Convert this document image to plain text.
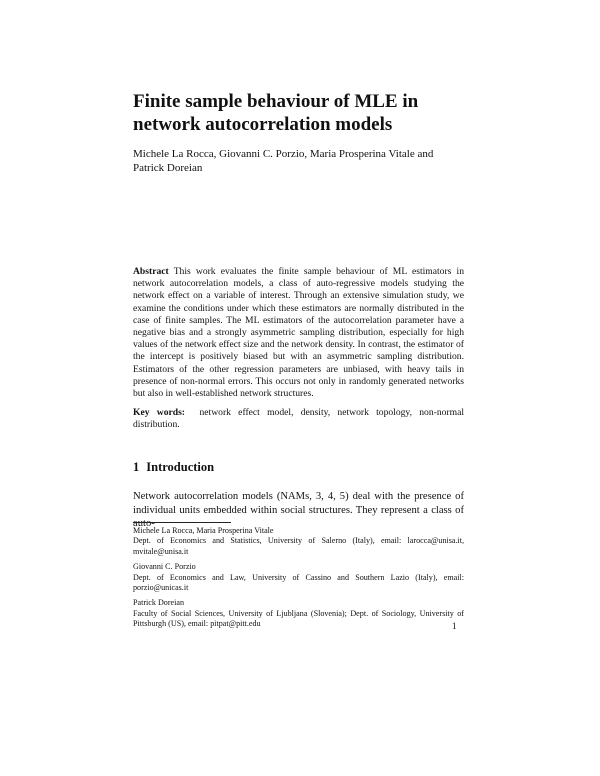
Finite sample behaviour of MLE in network autocorrelation models

Michele La Rocca, Giovanni C. Porzio, Maria Prosperina Vitale and Patrick Doreian

Abstract This work evaluates the finite sample behaviour of ML estimators in network autocorrelation models, a class of auto-regressive models studying the network effect on a variable of interest. Through an extensive simulation study, we examine the conditions under which these estimators are normally distributed in the case of finite samples. The ML estimators of the autocorrelation parameter have a negative bias and a strongly asymmetric sampling distribution, especially for high values of the network effect size and the network density. In contrast, the estimator of the intercept is positively biased but with an asymmetric sampling distribution. Estimators of the other regression parameters are unbiased, with heavy tails in presence of non-normal errors. This occurs not only in randomly generated networks but also in well-established network structures.

Key words: network effect model, density, network topology, non-normal distribution.

1 Introduction

Network autocorrelation models (NAMs, 3, 4, 5) deal with the presence of individual units embedded within social structures. They represent a class of auto-

Michele La Rocca, Maria Prosperina Vitale
Dept. of Economics and Statistics, University of Salerno (Italy), email: larocca@unisa.it, mvitale@unisa.it
Giovanni C. Porzio
Dept. of Economics and Law, University of Cassino and Southern Lazio (Italy), email: porzio@unicas.it
Patrick Doreian
Faculty of Social Sciences, University of Ljubljana (Slovenia); Dept. of Sociology, University of Pittsburgh (US), email: pitpat@pitt.edu	1
